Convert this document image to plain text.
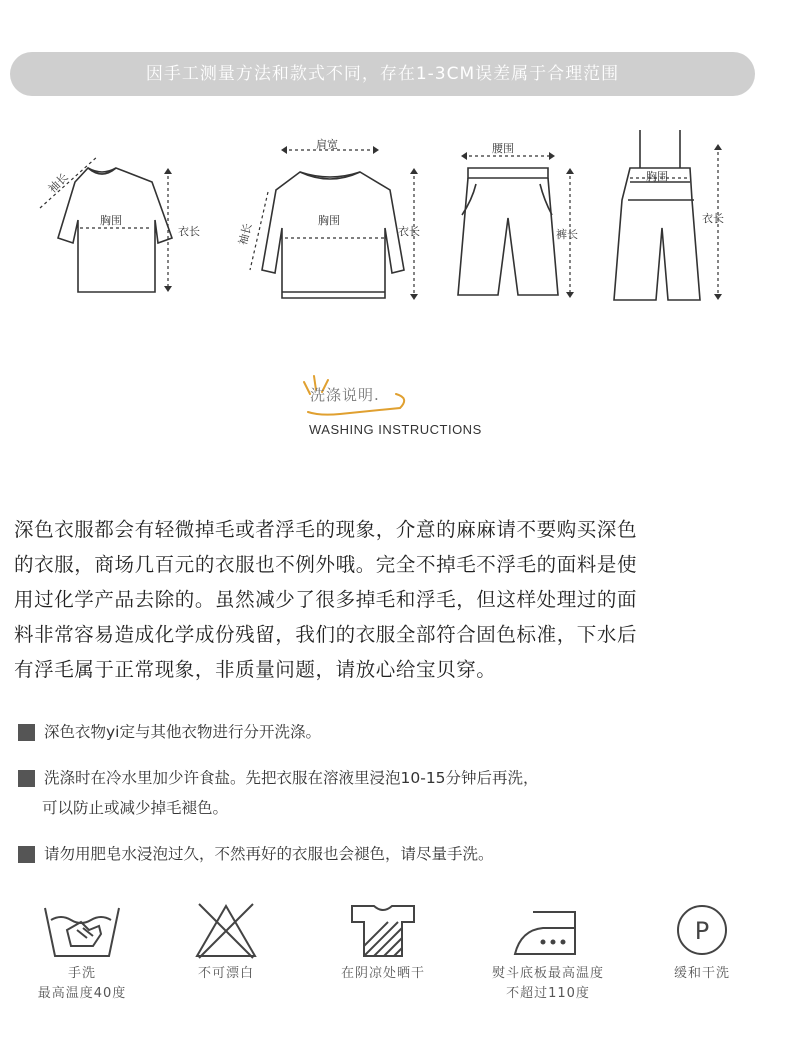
因手工测量方法和款式不同，存在1-3CM误差属于合理范围
袖长
胸围
衣长
肩宽
袖长
胸围
衣长
腰围
裤长
胸围
衣长
洗涤说明.
WASHING INSTRUCTIONS
深色衣服都会有轻微掉毛或者浮毛的现象，介意的麻麻请不要购买深色
的衣服，商场几百元的衣服也不例外哦。完全不掉毛不浮毛的面料是使
用过化学产品去除的。虽然减少了很多掉毛和浮毛，但这样处理过的面
料非常容易造成化学成份残留，我们的衣服全部符合固色标准，下水后
有浮毛属于正常现象，非质量问题，请放心给宝贝穿。
深色衣物yi定与其他衣物进行分开洗涤。
洗涤时在冷水里加少许食盐。先把衣服在溶液里浸泡10-15分钟后再洗，
可以防止或减少掉毛褪色。
请勿用肥皂水浸泡过久，不然再好的衣服也会褪色，请尽量手洗。
手洗
最高温度40度
不可漂白	在阴凉处晒干	熨斗底板最高温度
不超过110度
P
缓和干洗
